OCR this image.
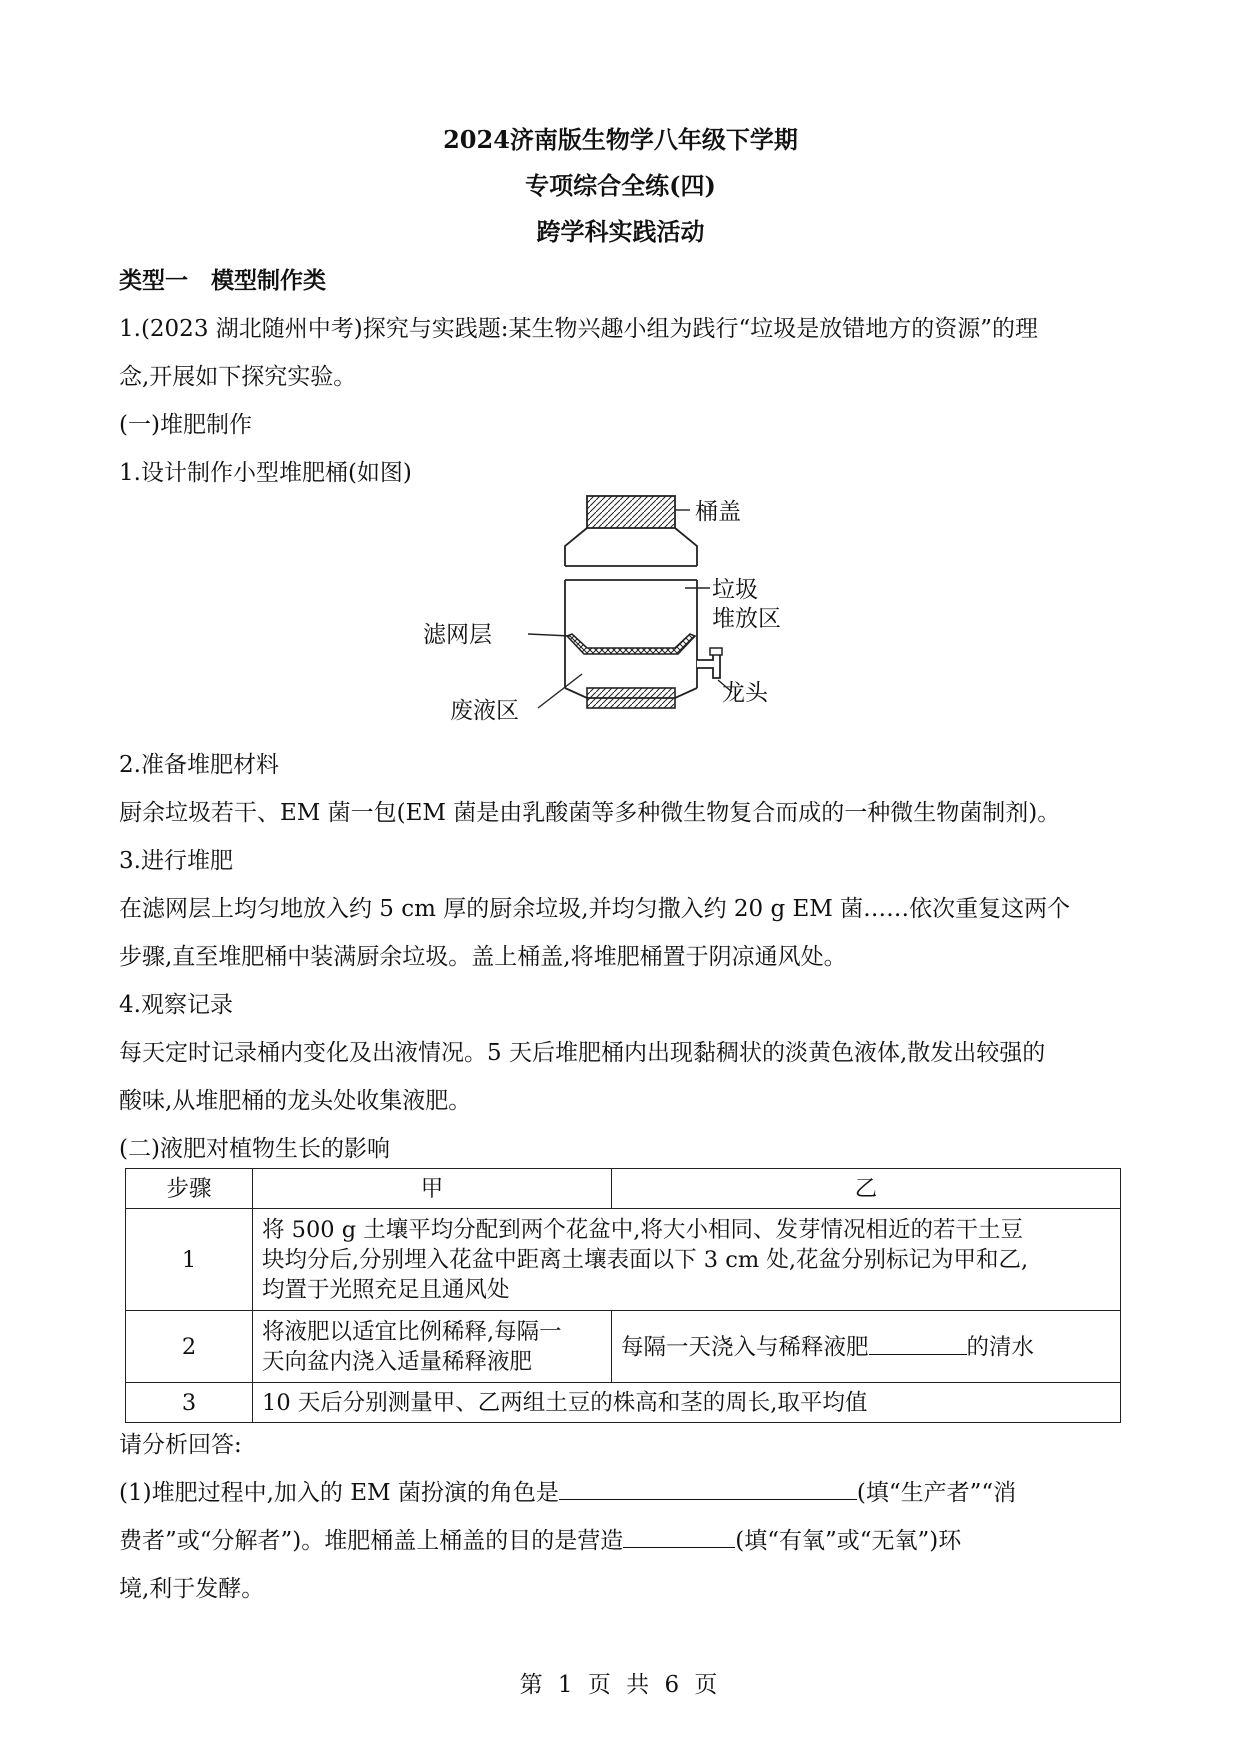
2024济南版生物学八年级下学期
专项综合全练(四)
跨学科实践活动
类型一　模型制作类
1.(2023 湖北随州中考)探究与实践题:某生物兴趣小组为践行“垃圾是放错地方的资源”的理
念,开展如下探究实验。
(一)堆肥制作
1.设计制作小型堆肥桶(如图)
桶盖
垃圾
堆放区
滤网层
龙头
废液区
2.准备堆肥材料
厨余垃圾若干、EM 菌一包(EM 菌是由乳酸菌等多种微生物复合而成的一种微生物菌制剂)。
3.进行堆肥
在滤网层上均匀地放入约 5 cm 厚的厨余垃圾,并均匀撒入约 20 g EM 菌……依次重复这两个
步骤,直至堆肥桶中装满厨余垃圾。盖上桶盖,将堆肥桶置于阴凉通风处。
4.观察记录
每天定时记录桶内变化及出液情况。5 天后堆肥桶内出现黏稠状的淡黄色液体,散发出较强的
酸味,从堆肥桶的龙头处收集液肥。
(二)液肥对植物生长的影响
步骤	甲	乙
1	将 500 g 土壤平均分配到两个花盆中,将大小相同、发芽情况相近的若干土豆
块均分后,分别埋入花盆中距离土壤表面以下 3 cm 处,花盆分别标记为甲和乙,
均置于光照充足且通风处	

2	将液肥以适宜比例稀释,每隔一
天向盆内浇入适量稀释液肥	每隔一天浇入与稀释液肥 的清水
3	10 天后分别测量甲、乙两组土豆的株高和茎的周长,取平均值	
请分析回答:
(1)堆肥过程中,加入的 EM 菌扮演的角色是	(填“生产者”“消
费者”或“分解者”)。堆肥桶盖上桶盖的目的是营造	(填“有氧”或“无氧”)环
境,利于发酵。
第 1 页 共 6 页
